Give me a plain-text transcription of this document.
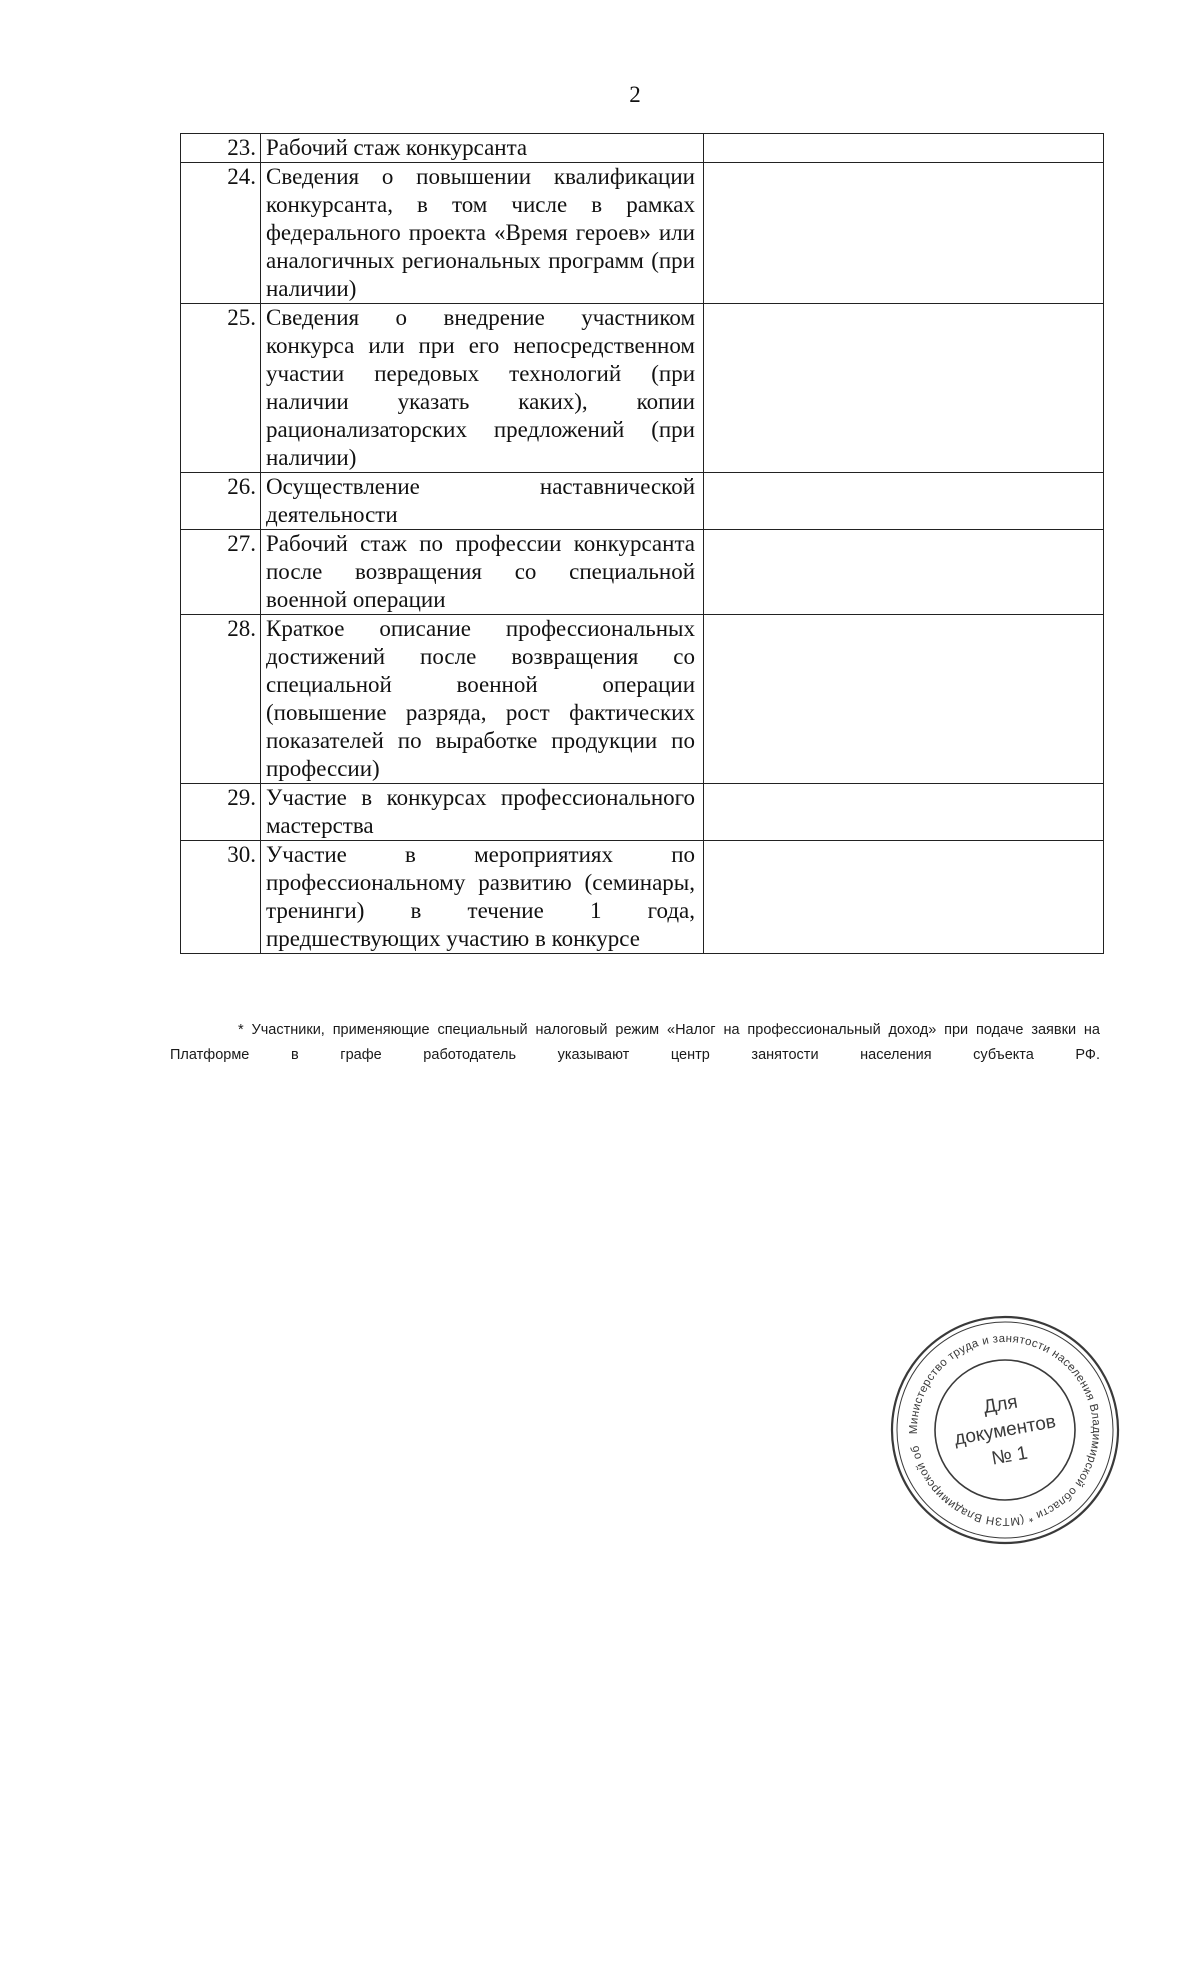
2
23.	Рабочий стаж конкурсанта	
24.	Сведения о повышении квалификации конкурсанта, в том числе в рамках федерального проекта «Время героев» или аналогичных региональных программ (при наличии)	
25.	Сведения о внедрение участником конкурса или при его непосредственном участии передовых технологий (при наличии указать каких), копии рационализаторских предложений (при наличии)	
26.	Осуществление наставнической деятельности	
27.	Рабочий стаж по профессии конкурсанта после возвращения со специальной военной операции	
28.	Краткое описание профессиональных достижений после возвращения со специальной военной операции (повышение разряда, рост фактических показателей по выработке продукции по профессии)	
29.	Участие в конкурсах профессионального мастерства	
30.	Участие в мероприятиях по профессиональному развитию (семинары, тренинги) в течение 1 года, предшествующих участию в конкурсе	
* Участники, применяющие специальный налоговый режим «Налог на профессиональный доход» при подаче заявки на Платформе в графе работодатель указывают центр занятости населения субъекта РФ.
Министерство труда и занятости населения Владимирской области * (МТЗН Владимирской области)
Для
документов
№ 1
